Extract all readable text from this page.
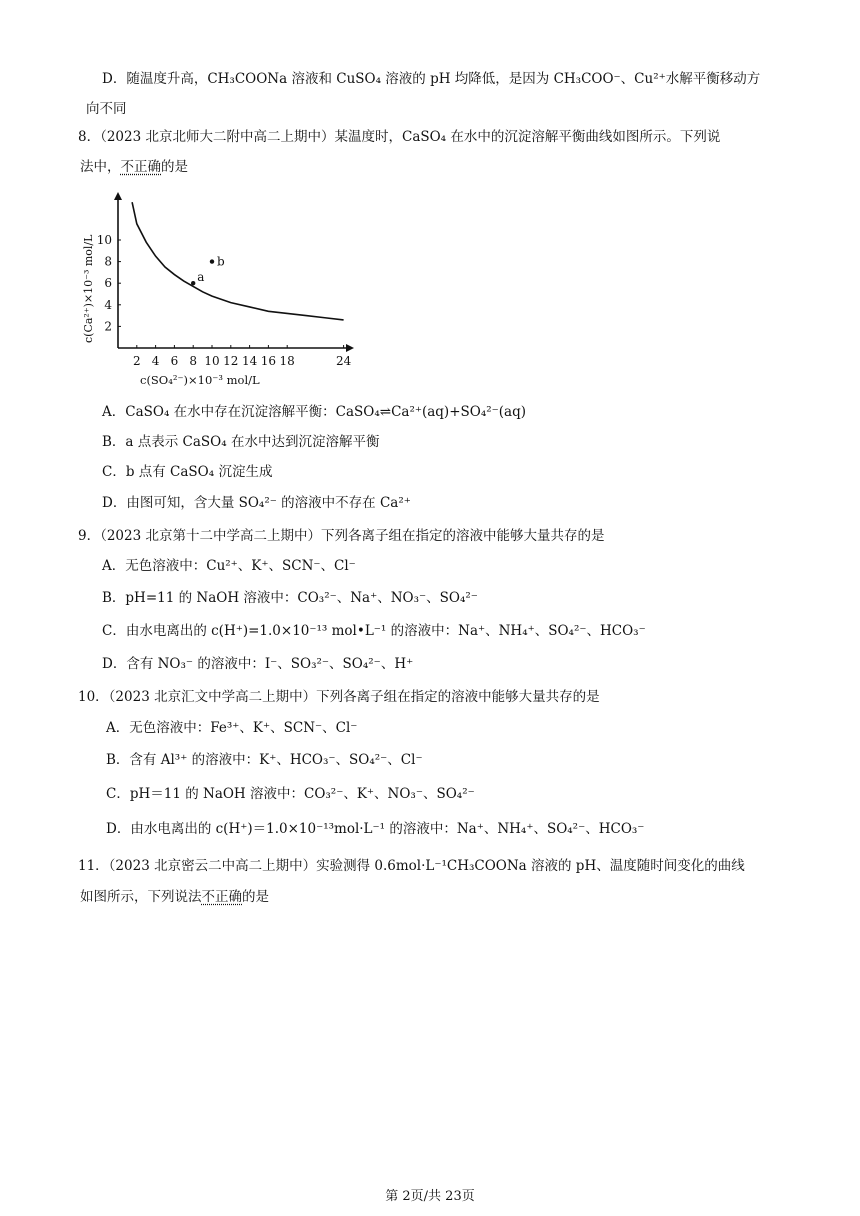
D．随温度升高，CH₃COONa 溶液和 CuSO₄ 溶液的 pH 均降低，是因为 CH₃COO⁻、Cu²⁺水解平衡移动方
向不同
8．（2023 北京北师大二附中高二上期中）某温度时，CaSO₄ 在水中的沉淀溶解平衡曲线如图所示。下列说
法中，不正确的是
2 4 6 8 10 12 14 16 18	24
2
4
6
8
10
a
b
c(Ca²⁺)×10⁻³ mol/L
c(SO₄²⁻)×10⁻³ mol/L
A．CaSO₄ 在水中存在沉淀溶解平衡：CaSO₄⇌Ca²⁺(aq)+SO₄²⁻(aq)
B．a 点表示 CaSO₄ 在水中达到沉淀溶解平衡
C．b 点有 CaSO₄ 沉淀生成
D．由图可知，含大量 SO₄²⁻ 的溶液中不存在 Ca²⁺
9．（2023 北京第十二中学高二上期中）下列各离子组在指定的溶液中能够大量共存的是
A．无色溶液中：Cu²⁺、K⁺、SCN⁻、Cl⁻
B．pH=11 的 NaOH 溶液中：CO₃²⁻、Na⁺、NO₃⁻、SO₄²⁻
C．由水电离出的 c(H⁺)=1.0×10⁻¹³ mol•L⁻¹ 的溶液中：Na⁺、NH₄⁺、SO₄²⁻、HCO₃⁻
D．含有 NO₃⁻ 的溶液中：I⁻、SO₃²⁻、SO₄²⁻、H⁺
10．（2023 北京汇文中学高二上期中）下列各离子组在指定的溶液中能够大量共存的是
A．无色溶液中：Fe³⁺、K⁺、SCN⁻、Cl⁻
B．含有 Al³⁺ 的溶液中：K⁺、HCO₃⁻、SO₄²⁻、Cl⁻
C．pH＝11 的 NaOH 溶液中：CO₃²⁻、K⁺、NO₃⁻、SO₄²⁻
D．由水电离出的 c(H⁺)＝1.0×10⁻¹³mol·L⁻¹ 的溶液中：Na⁺、NH₄⁺、SO₄²⁻、HCO₃⁻
11．（2023 北京密云二中高二上期中）实验测得 0.6mol·L⁻¹CH₃COONa 溶液的 pH、温度随时间变化的曲线
如图所示，下列说法不正确的是
第 2页/共 23页
